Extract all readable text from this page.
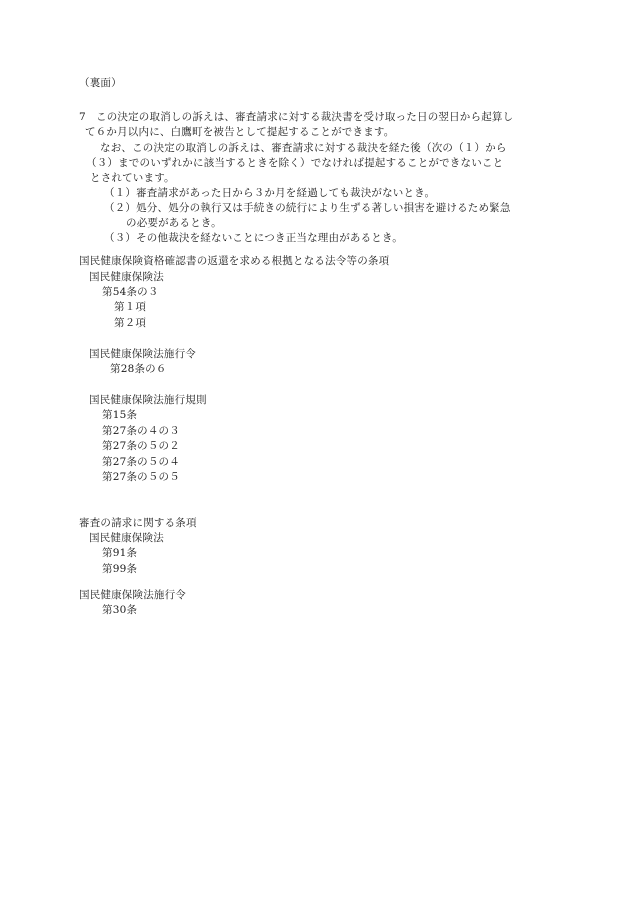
（裏面）
7 この決定の取消しの訴えは、審査請求に対する裁決書を受け取った日の翌日から起算し
て６か月以内に、白鷹町を被告として提起することができます。
なお、この決定の取消しの訴えは、審査請求に対する裁決を経た後（次の（１）から
（３）までのいずれかに該当するときを除く）でなければ提起することができないこと
とされています。
（１）審査請求があった日から３か月を経過しても裁決がないとき。
（２）処分、処分の執行又は手続きの続行により生ずる著しい損害を避けるため緊急
の必要があるとき。
（３）その他裁決を経ないことにつき正当な理由があるとき。
国民健康保険資格確認書の返還を求める根拠となる法令等の条項
国民健康保険法
第54条の３
第１項
第２項
国民健康保険法施行令
第28条の６
国民健康保険法施行規則
第15条
第27条の４の３
第27条の５の２
第27条の５の４
第27条の５の５
審査の請求に関する条項
国民健康保険法
第91条
第99条
国民健康保険法施行令
第30条
